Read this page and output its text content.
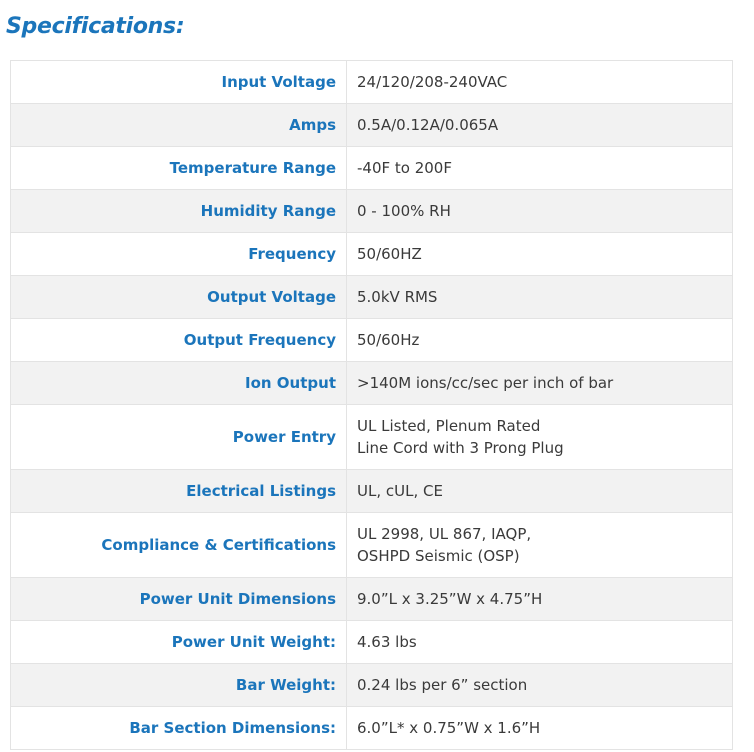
Specifications:
Input Voltage	24/120/208-240VAC

Amps	0.5A/0.12A/0.065A

Temperature Range	-40F to 200F

Humidity Range	0 - 100% RH

Frequency	50/60HZ

Output Voltage	5.0kV RMS

Output Frequency	50/60Hz

Ion Output	>140M ions/cc/sec per inch of bar

Power Entry	UL Listed, Plenum Rated
Line Cord with 3 Prong Plug

Electrical Listings	UL, cUL, CE

Compliance & Certifications	UL 2998, UL 867, IAQP,
OSHPD Seismic (OSP)

Power Unit Dimensions	9.0”L x 3.25”W x 4.75”H

Power Unit Weight:	4.63 lbs

Bar Weight:	0.24 lbs per 6” section

Bar Section Dimensions:	6.0”L* x 0.75”W x 1.6”H
